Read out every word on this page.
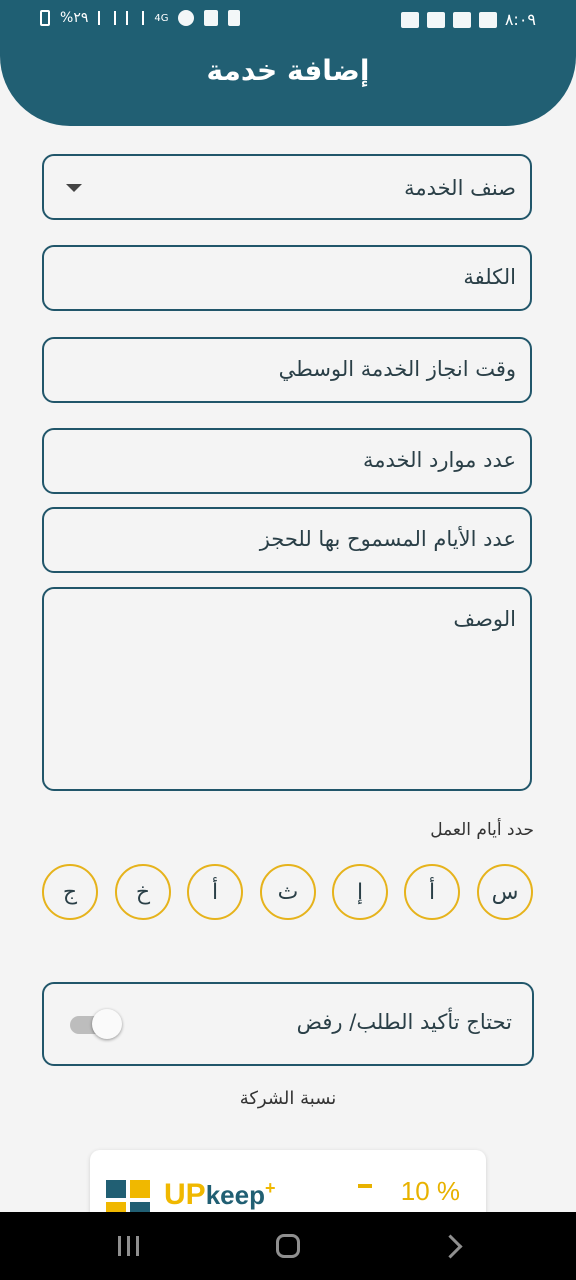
%٢٩	4G	٨:٠٩
إضافة خدمة
صنف الخدمة
الكلفة
وقت انجاز الخدمة الوسطي
عدد موارد الخدمة
عدد الأيام المسموح بها للحجز
الوصف
حدد أيام العمل
س
أ
إ
ث
أ
خ
ج
تحتاج تأكيد الطلب/ رفض
نسبة الشركة
UPkeep+	10 %
